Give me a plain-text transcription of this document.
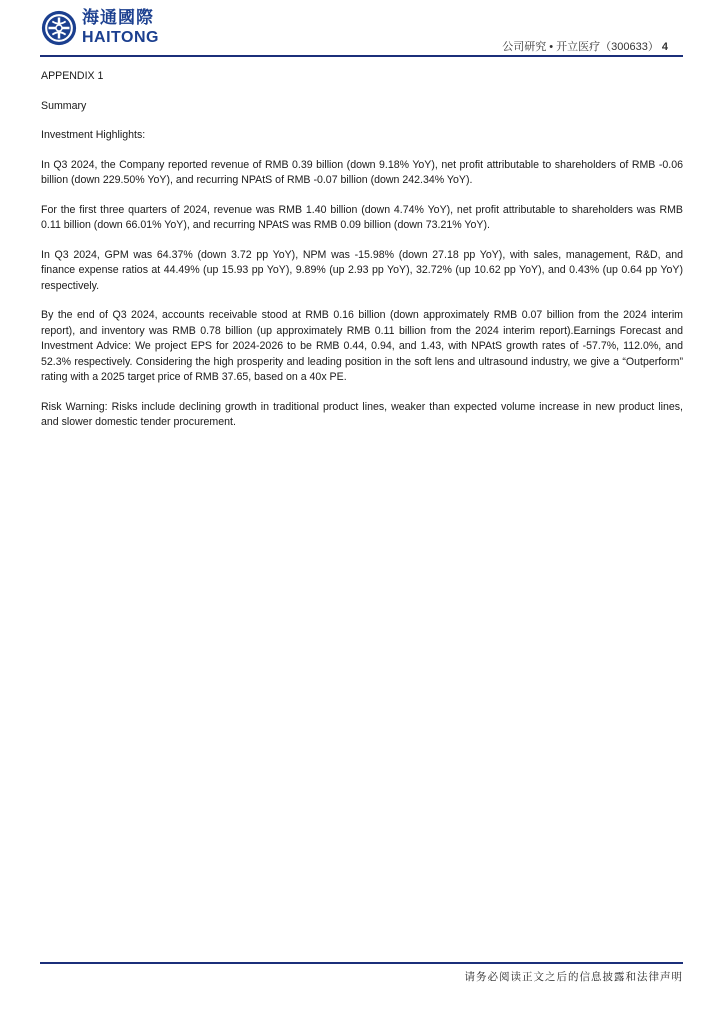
海通國際
HAITONG
公司研究 • 开立医疗（300633） 4

APPENDIX 1

Summary

Investment Highlights:

In Q3 2024, the Company reported revenue of RMB 0.39 billion (down 9.18% YoY), net profit attributable to shareholders of RMB -0.06 billion (down 229.50% YoY), and recurring NPAtS of RMB -0.07 billion (down 242.34% YoY).

For the first three quarters of 2024, revenue was RMB 1.40 billion (down 4.74% YoY), net profit attributable to shareholders was RMB 0.11 billion (down 66.01% YoY), and recurring NPAtS was RMB 0.09 billion (down 73.21% YoY).

In Q3 2024, GPM was 64.37% (down 3.72 pp YoY), NPM was -15.98% (down 27.18 pp YoY), with sales, management, R&D, and finance expense ratios at 44.49% (up 15.93 pp YoY), 9.89% (up 2.93 pp YoY), 32.72% (up 10.62 pp YoY), and 0.43% (up 0.64 pp YoY) respectively.

By the end of Q3 2024, accounts receivable stood at RMB 0.16 billion (down approximately RMB 0.07 billion from the 2024 interim report), and inventory was RMB 0.78 billion (up approximately RMB 0.11 billion from the 2024 interim report).Earnings Forecast and Investment Advice: We project EPS for 2024-2026 to be RMB 0.44, 0.94, and 1.43, with NPAtS growth rates of -57.7%, 112.0%, and 52.3% respectively. Considering the high prosperity and leading position in the soft lens and ultrasound industry, we give a “Outperform” rating with a 2025 target price of RMB 37.65, based on a 40x PE.

Risk Warning: Risks include declining growth in traditional product lines, weaker than expected volume increase in new product lines, and slower domestic tender procurement.

请务必阅读正文之后的信息披露和法律声明
